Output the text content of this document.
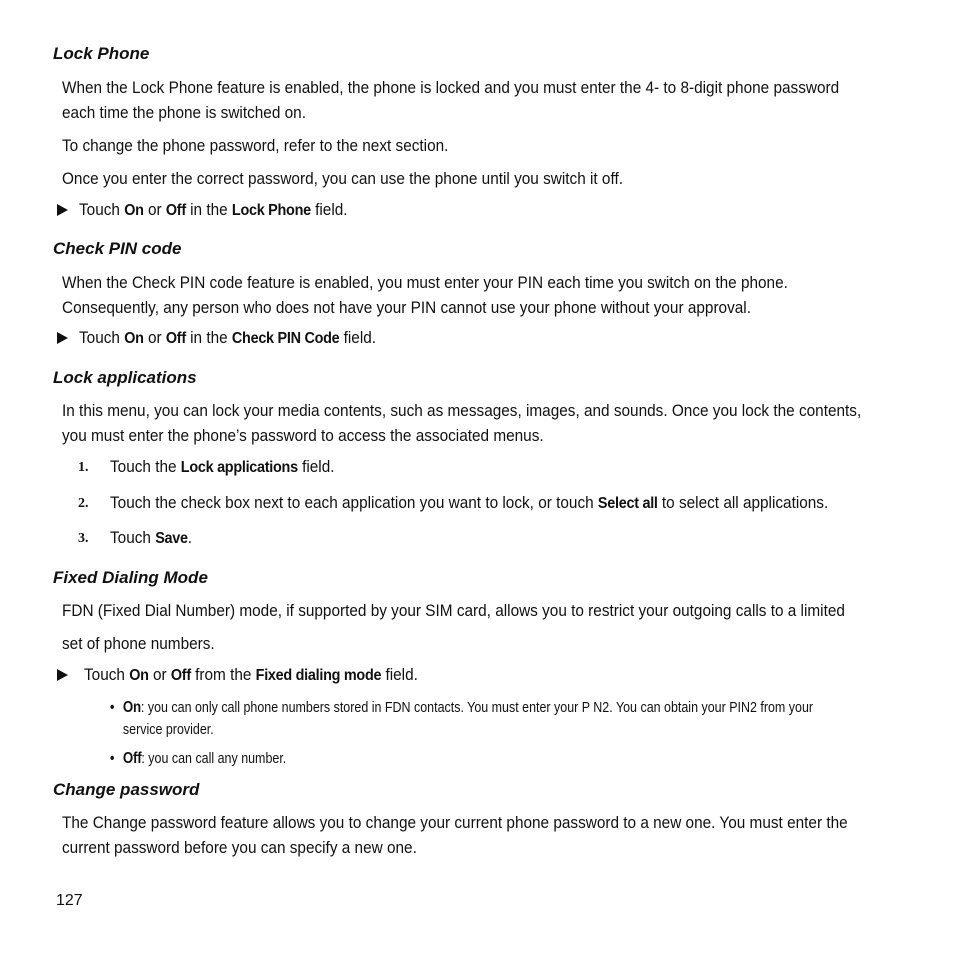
Lock Phone
When the Lock Phone feature is enabled, the phone is locked and you must enter the 4- to 8-digit phone password
each time the phone is switched on.
To change the phone password, refer to the next section.
Once you enter the correct password, you can use the phone until you switch it off.
Touch On or Off in the Lock Phone field.
Check PIN code
When the Check PIN code feature is enabled, you must enter your PIN each time you switch on the phone.
Consequently, any person who does not have your PIN cannot use your phone without your approval.
Touch On or Off in the Check PIN Code field.
Lock applications
In this menu, you can lock your media contents, such as messages, images, and sounds. Once you lock the contents,
you must enter the phone’s password to access the associated menus.
1. Touch the Lock applications field.
2. Touch the check box next to each application you want to lock, or touch Select all to select all applications.
3. Touch Save.
Fixed Dialing Mode
FDN (Fixed Dial Number) mode, if supported by your SIM card, allows you to restrict your outgoing calls to a limited
set of phone numbers.
Touch On or Off from the Fixed dialing mode field.
• On: you can only call phone numbers stored in FDN contacts. You must enter your P N2. You can obtain your PIN2 from your
service provider.
• Off: you can call any number.
Change password
The Change password feature allows you to change your current phone password to a new one. You must enter the
current password before you can specify a new one.
127
